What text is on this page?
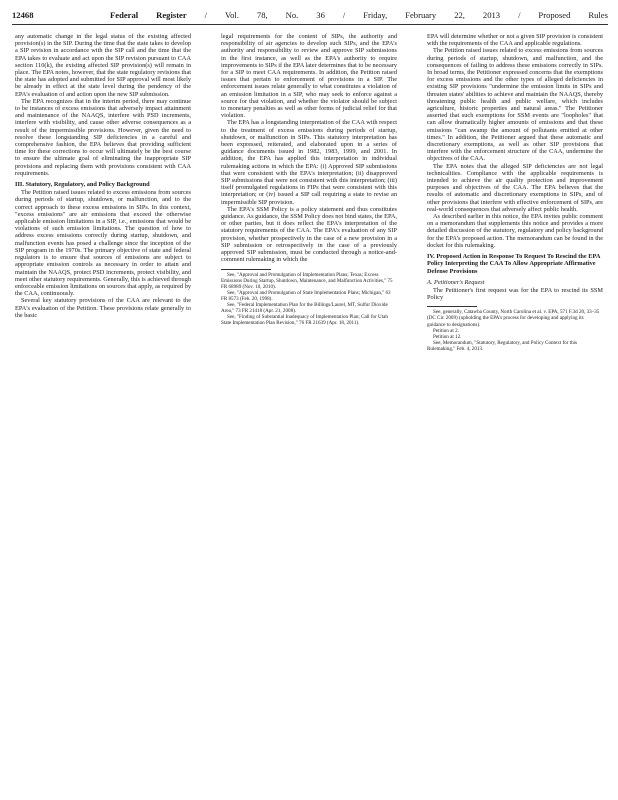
12468	Federal Register / Vol. 78, No. 36 / Friday, February 22, 2013 / Proposed Rules

any automatic change in the legal status of the existing affected provision(s) in the SIP. During the time that the state takes to develop a SIP revision in accordance with the SIP call and the time that the EPA takes to evaluate and act upon the SIP revision pursuant to CAA section 110(k), the existing affected SIP provision(s) will remain in place. The EPA notes, however, that the state regulatory revisions that the state has adopted and submitted for SIP approval will most likely be already in effect at the state level during the pendency of the EPA's evaluation of and action upon the new SIP submission.

The EPA recognizes that in the interim period, there may continue to be instances of excess emissions that adversely impact attainment and maintenance of the NAAQS, interfere with PSD increments, interfere with visibility, and cause other adverse consequences as a result of the impermissible provisions. However, given the need to resolve these longstanding SIP deficiencies in a careful and comprehensive fashion, the EPA believes that providing sufficient time for these corrections to occur will ultimately be the best course to ensure the ultimate goal of eliminating the inappropriate SIP provisions and replacing them with provisions consistent with CAA requirements.

III. Statutory, Regulatory, and Policy Background

The Petition raised issues related to excess emissions from sources during periods of startup, shutdown, or malfunction, and to the correct approach to these excess emissions in SIPs. In this context, "excess emissions" are air emissions that exceed the otherwise applicable emission limitations in a SIP, i.e., emissions that would be violations of such emission limitations. The question of how to address excess emissions correctly during startup, shutdown, and malfunction events has posed a challenge since the inception of the SIP program in the 1970s. The primary objective of state and federal regulators is to ensure that sources of emissions are subject to appropriate emission controls as necessary in order to attain and maintain the NAAQS, protect PSD increments, protect visibility, and meet other statutory requirements. Generally, this is achieved through enforceable emission limitations on sources that apply, as required by the CAA, continuously.

Several key statutory provisions of the CAA are relevant to the EPA's evaluation of the Petition. These provisions relate generally to the basic

legal requirements for the content of SIPs, the authority and responsibility of air agencies to develop such SIPs, and the EPA's authority and responsibility to review and approve SIP submissions in the first instance, as well as the EPA's authority to require improvements to SIPs if the EPA later determines that to be necessary for a SIP to meet CAA requirements. In addition, the Petition raised issues that pertain to enforcement of provisions in a SIP. The enforcement issues relate generally to what constitutes a violation of an emission limitation in a SIP, who may seek to enforce against a source for that violation, and whether the violator should be subject to monetary penalties as well as other forms of judicial relief for that violation.

The EPA has a longstanding interpretation of the CAA with respect to the treatment of excess emissions during periods of startup, shutdown, or malfunction in SIPs. This statutory interpretation has been expressed, reiterated, and elaborated upon in a series of guidance documents issued in 1982, 1983, 1999, and 2001. In addition, the EPA has applied this interpretation in individual rulemaking actions in which the EPA: (i) Approved SIP submissions that were consistent with the EPA's interpretation; (ii) disapproved SIP submissions that were not consistent with this interpretation; (iii) itself promulgated regulations in FIPs that were consistent with this interpretation; or (iv) issued a SIP call requiring a state to revise an impermissible SIP provision.

The EPA's SSM Policy is a policy statement and thus constitutes guidance. As guidance, the SSM Policy does not bind states, the EPA, or other parties, but it does reflect the EPA's interpretation of the statutory requirements of the CAA. The EPA's evaluation of any SIP provision, whether prospectively in the case of a new provision in a SIP submission or retrospectively in the case of a previously approved SIP submission, must be conducted through a notice-and-comment rulemaking in which the

See, "Approval and Promulgation of Implementation Plans; Texas; Excess Emissions During Startup, Shutdown, Maintenance, and Malfunction Activities," 75 FR 68989 (Nov. 10, 2010).

See, "Approval and Promulgation of State Implementation Plans; Michigan," 63 FR 8573 (Feb. 20, 1998).

See, "Federal Implementation Plan for the Billings/Laurel, MT, Sulfur Dioxide Area," 73 FR 21418 (Apr. 21, 2008).

See, "Finding of Substantial Inadequacy of Implementation Plan; Call for Utah State Implementation Plan Revision," 76 FR 21639 (Apr. 18, 2011).

EPA will determine whether or not a given SIP provision is consistent with the requirements of the CAA and applicable regulations.

The Petition raised issues related to excess emissions from sources during periods of startup, shutdown, and malfunction, and the consequences of failing to address these emissions correctly in SIPs. In broad terms, the Petitioner expressed concerns that the exemptions for excess emissions and the other types of alleged deficiencies in existing SIP provisions "undermine the emission limits in SIPs and threaten states' abilities to achieve and maintain the NAAQS, thereby threatening public health and public welfare, which includes agriculture, historic properties and natural areas." The Petitioner asserted that such exemptions for SSM events are "loopholes" that can allow dramatically higher amounts of emissions and that these emissions "can swamp the amount of pollutants emitted at other times." In addition, the Petitioner argued that these automatic and discretionary exemptions, as well as other SIP provisions that interfere with the enforcement structure of the CAA, undermine the objectives of the CAA.

The EPA notes that the alleged SIP deficiencies are not legal technicalities. Compliance with the applicable requirements is intended to achieve the air quality protection and improvement purposes and objectives of the CAA. The EPA believes that the results of automatic and discretionary exemptions in SIPs, and of other provisions that interfere with effective enforcement of SIPs, are real-world consequences that adversely affect public health.

As described earlier in this notice, the EPA invites public comment on a memorandum that supplements this notice and provides a more detailed discussion of the statutory, regulatory and policy background for the EPA's proposed action. The memorandum can be found in the docket for this rulemaking.

IV. Proposed Action in Response To Request To Rescind the EPA Policy Interpreting the CAA To Allow Appropriate Affirmative Defense Provisions
A. Petitioner's Request

The Petitioner's first request was for the EPA to rescind its SSM Policy

See, generally, Catawba County, North Carolina et al. v. EPA, 571 F.3d 20, 33–35 (DC Cir. 2009) (upholding the EPA's process for developing and applying its guidance to designations).

Petition at 2.

Petition at 12.

See, Memorandum, "Statutory, Regulatory, and Policy Context for this Rulemaking," Feb. 4, 2013.
